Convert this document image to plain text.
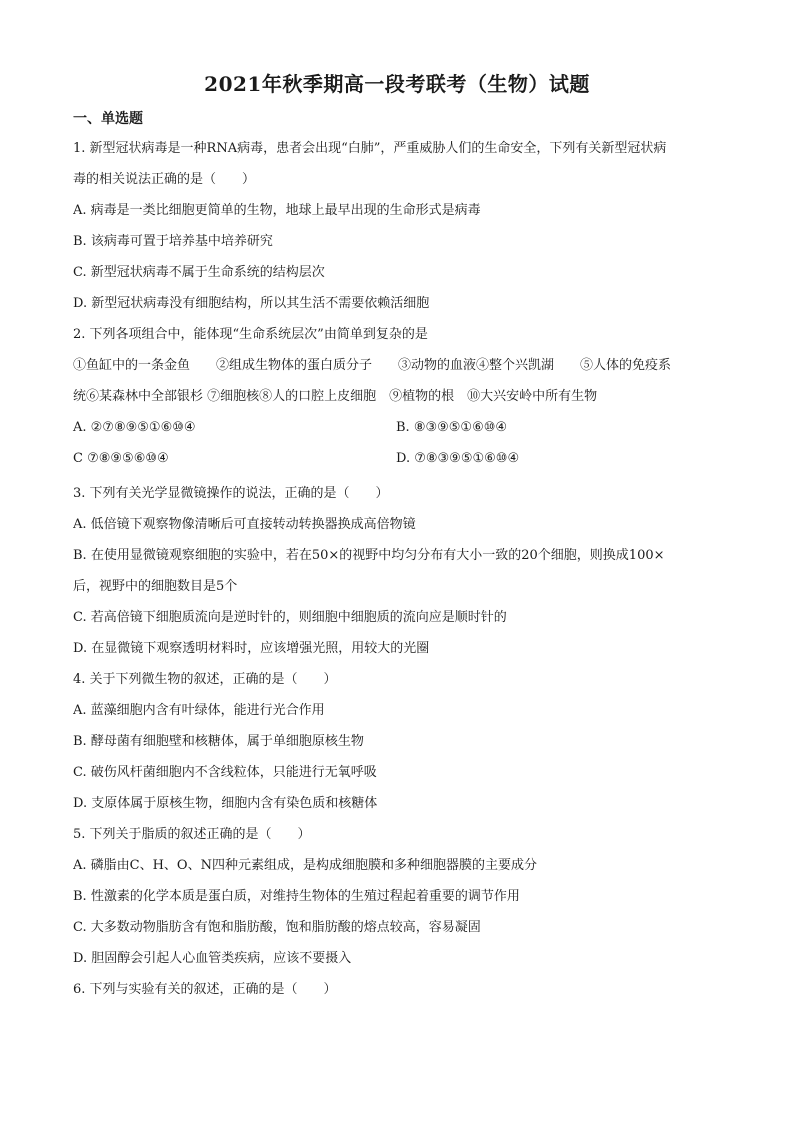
2021年秋季期高一段考联考（生物）试题
一、单选题
1. 新型冠状病毒是一种RNA病毒，患者会出现“白肺”，严重威胁人们的生命安全，下列有关新型冠状病
毒的相关说法正确的是（　　）
A. 病毒是一类比细胞更简单的生物，地球上最早出现的生命形式是病毒
B. 该病毒可置于培养基中培养研究
C. 新型冠状病毒不属于生命系统的结构层次
D. 新型冠状病毒没有细胞结构，所以其生活不需要依赖活细胞
2. 下列各项组合中，能体现“生命系统层次”由简单到复杂的是
①鱼缸中的一条金鱼　　②组成生物体的蛋白质分子　　③动物的血液④整个兴凯湖　　⑤人体的免疫系
统⑥某森林中全部银杉 ⑦细胞核⑧人的口腔上皮细胞　⑨植物的根　⑩大兴安岭中所有生物
A. ②⑦⑧⑨⑤①⑥⑩④	B. ⑧③⑨⑤①⑥⑩④
C ⑦⑧⑨⑤⑥⑩④	D. ⑦⑧③⑨⑤①⑥⑩④
3. 下列有关光学显微镜操作的说法，正确的是（　　）
A. 低倍镜下观察物像清晰后可直接转动转换器换成高倍物镜
B. 在使用显微镜观察细胞的实验中，若在50×的视野中均匀分布有大小一致的20个细胞，则换成100×
后，视野中的细胞数目是5个
C. 若高倍镜下细胞质流向是逆时针的，则细胞中细胞质的流向应是顺时针的
D. 在显微镜下观察透明材料时，应该增强光照，用较大的光圈
4. 关于下列微生物的叙述，正确的是（　　）
A. 蓝藻细胞内含有叶绿体，能进行光合作用
B. 酵母菌有细胞壁和核糖体，属于单细胞原核生物
C. 破伤风杆菌细胞内不含线粒体，只能进行无氧呼吸
D. 支原体属于原核生物，细胞内含有染色质和核糖体
5. 下列关于脂质的叙述正确的是（　　）
A. 磷脂由C、H、O、N四种元素组成，是构成细胞膜和多种细胞器膜的主要成分
B. 性激素的化学本质是蛋白质，对维持生物体的生殖过程起着重要的调节作用
C. 大多数动物脂肪含有饱和脂肪酸，饱和脂肪酸的熔点较高，容易凝固
D. 胆固醇会引起人心血管类疾病，应该不要摄入
6. 下列与实验有关的叙述，正确的是（　　）
